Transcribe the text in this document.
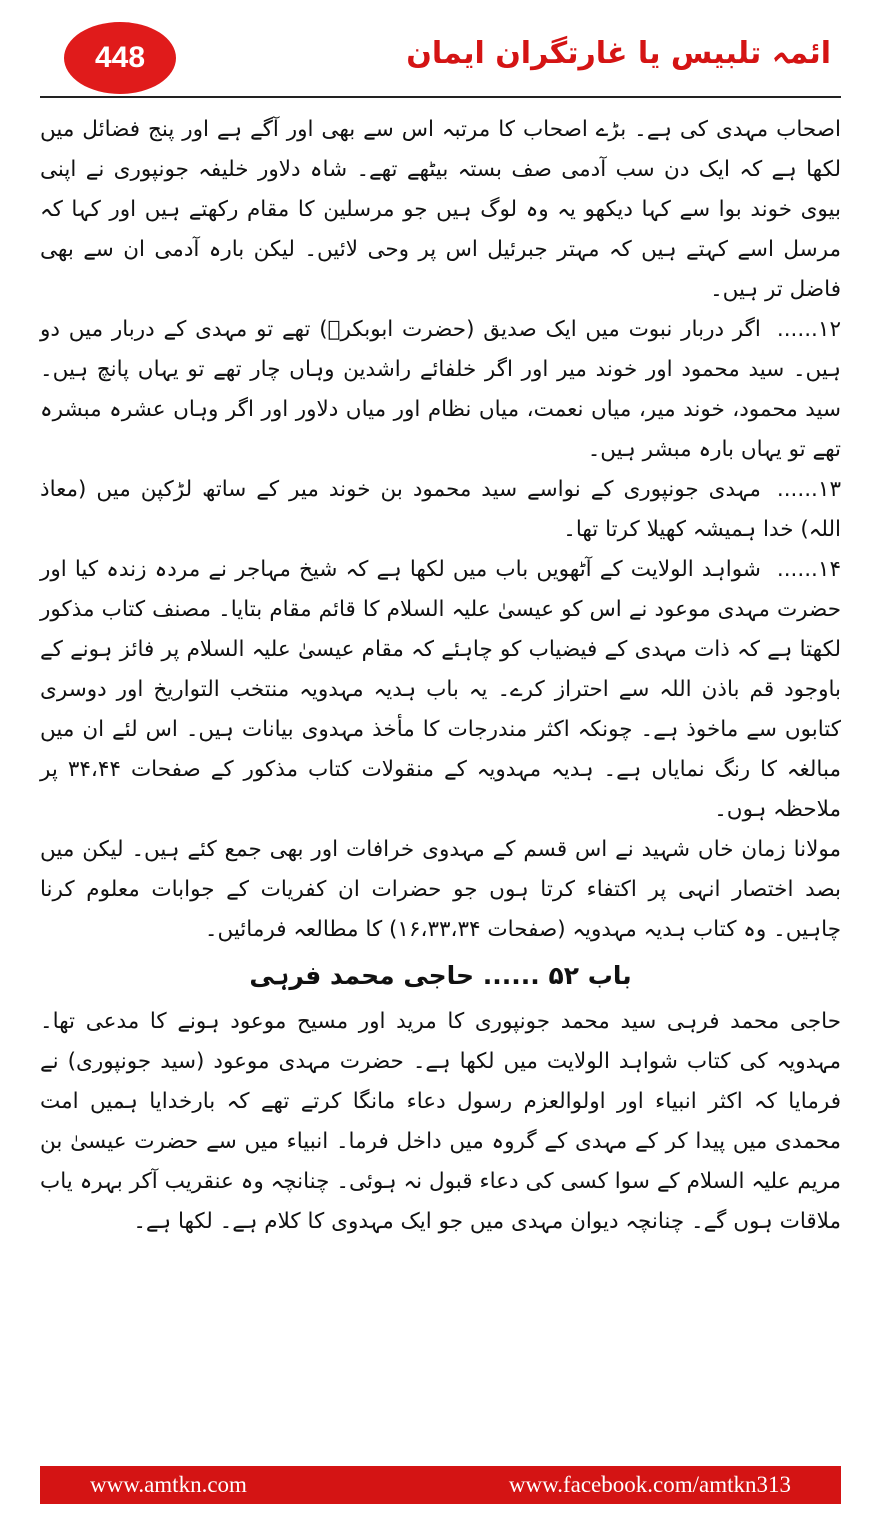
448	ائمہ تلبیس یا غارتگران ایمان

اصحاب مہدی کی ہے۔ بڑے اصحاب کا مرتبہ اس سے بھی اور آگے ہے اور پنج فضائل میں لکھا ہے کہ ایک دن سب آدمی صف بستہ بیٹھے تھے۔ شاہ دلاور خلیفہ جونپوری نے اپنی بیوی خوند بوا سے کہا دیکھو یہ وہ لوگ ہیں جو مرسلین کا مقام رکھتے ہیں اور کہا کہ مرسل اسے کہتے ہیں کہ مہتر جبرئیل اس پر وحی لائیں۔ لیکن بارہ آدمی ان سے بھی فاضل تر ہیں۔

۱۲......اگر دربار نبوت میں ایک صدیق (حضرت ابوبکرؓ) تھے تو مہدی کے دربار میں دو ہیں۔ سید محمود اور خوند میر اور اگر خلفائے راشدین وہاں چار تھے تو یہاں پانچ ہیں۔ سید محمود، خوند میر، میاں نعمت، میاں نظام اور میاں دلاور اور اگر وہاں عشرہ مبشرہ تھے تو یہاں بارہ مبشر ہیں۔

۱۳......مہدی جونپوری کے نواسے سید محمود بن خوند میر کے ساتھ لڑکپن میں (معاذ اللہ) خدا ہمیشہ کھیلا کرتا تھا۔

۱۴......شواہد الولایت کے آٹھویں باب میں لکھا ہے کہ شیخ مہاجر نے مردہ زندہ کیا اور حضرت مہدی موعود نے اس کو عیسیٰ علیہ السلام کا قائم مقام بتایا۔ مصنف کتاب مذکور لکھتا ہے کہ ذات مہدی کے فیضیاب کو چاہئے کہ مقام عیسیٰ علیہ السلام پر فائز ہونے کے باوجود قم باذن اللہ سے احتراز کرے۔ یہ باب ہدیہ مہدویہ منتخب التواریخ اور دوسری کتابوں سے ماخوذ ہے۔ چونکہ اکثر مندرجات کا مأخذ مہدوی بیانات ہیں۔ اس لئے ان میں مبالغہ کا رنگ نمایاں ہے۔ ہدیہ مہدویہ کے منقولات کتاب مذکور کے صفحات ۳۴،۴۴ پر ملاحظہ ہوں۔

مولانا زمان خاں شہید نے اس قسم کے مہدوی خرافات اور بھی جمع کئے ہیں۔ لیکن میں بصد اختصار انہی پر اکتفاء کرتا ہوں جو حضرات ان کفریات کے جوابات معلوم کرنا چاہیں۔ وہ کتاب ہدیہ مہدویہ (صفحات ۱۶،۳۳،۳۴) کا مطالعہ فرمائیں۔

باب ۵۲ ...... حاجی محمد فرہی

حاجی محمد فرہی سید محمد جونپوری کا مرید اور مسیح موعود ہونے کا مدعی تھا۔ مہدویہ کی کتاب شواہد الولایت میں لکھا ہے۔ حضرت مہدی موعود (سید جونپوری) نے فرمایا کہ اکثر انبیاء اور اولوالعزم رسول دعاء مانگا کرتے تھے کہ بارخدایا ہمیں امت محمدی میں پیدا کر کے مہدی کے گروہ میں داخل فرما۔ انبیاء میں سے حضرت عیسیٰ بن مریم علیہ السلام کے سوا کسی کی دعاء قبول نہ ہوئی۔ چنانچہ وہ عنقریب آکر بہرہ یاب ملاقات ہوں گے۔ چنانچہ دیوان مہدی میں جو ایک مہدوی کا کلام ہے۔ لکھا ہے۔

www.amtkn.com	www.facebook.com/amtkn313
